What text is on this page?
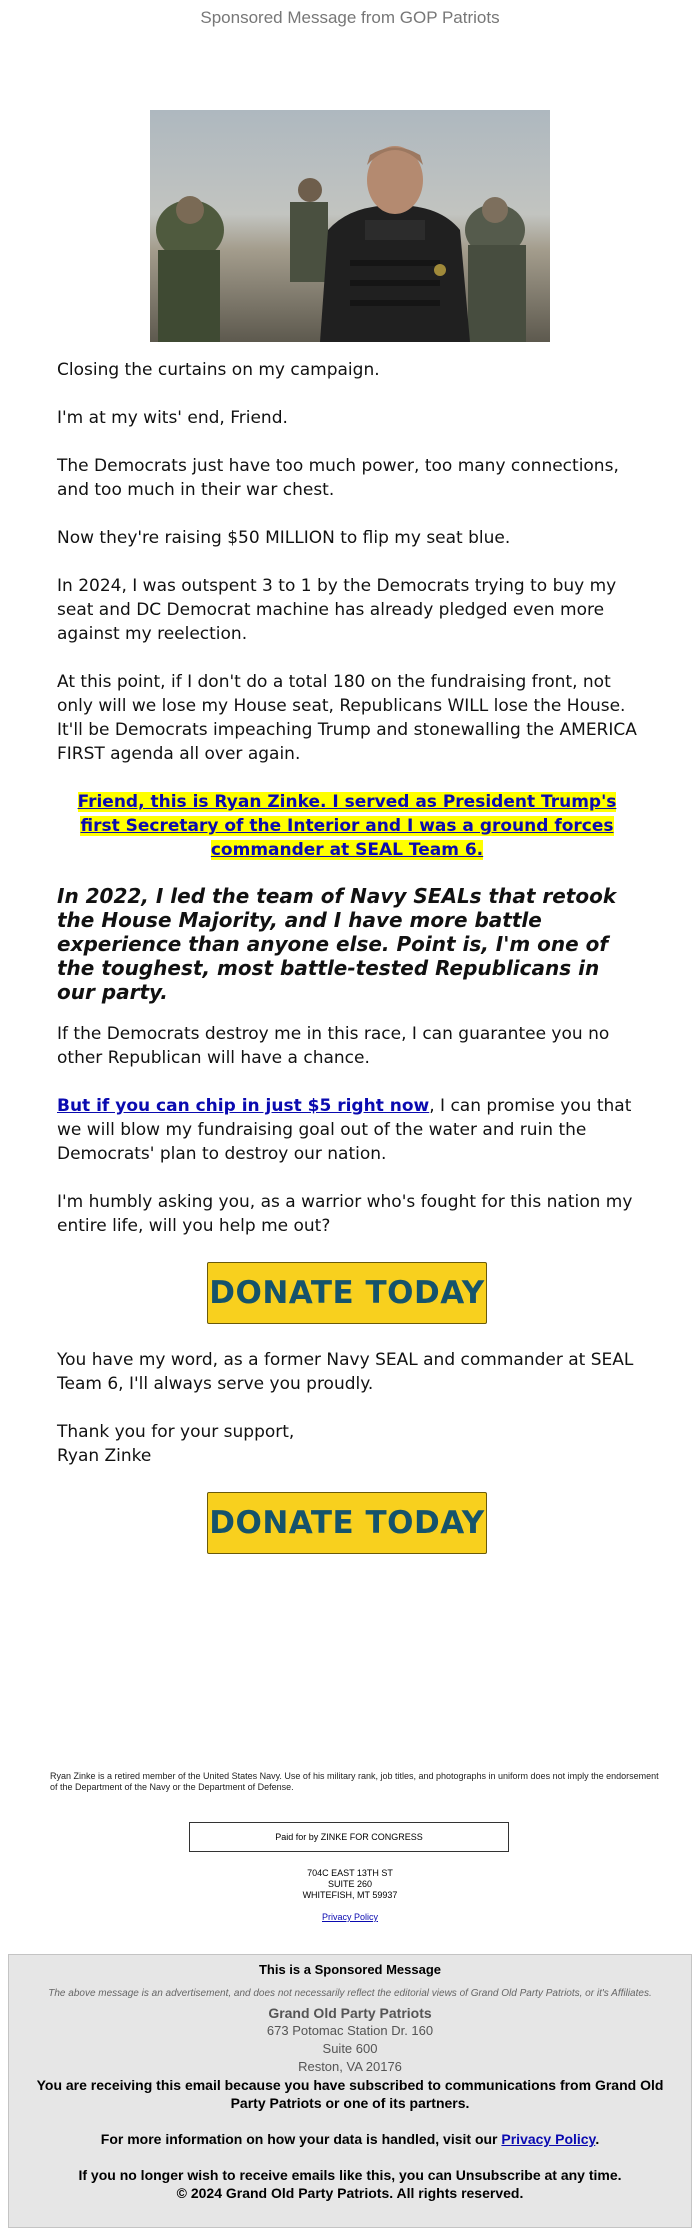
Sponsored Message from GOP Patriots

Closing the curtains on my campaign.

I'm at my wits' end, Friend.

The Democrats just have too much power, too many connections, and too much in their war chest.

Now they're raising $50 MILLION to flip my seat blue.

In 2024, I was outspent 3 to 1 by the Democrats trying to buy my seat and DC Democrat machine has already pledged even more against my reelection.

At this point, if I don't do a total 180 on the fundraising front, not only will we lose my House seat, Republicans WILL lose the House. It'll be Democrats impeaching Trump and stonewalling the AMERICA FIRST agenda all over again.

Friend, this is Ryan Zinke. I served as President Trump's first Secretary of the Interior and I was a ground forces commander at SEAL Team 6.

In 2022, I led the team of Navy SEALs that retook the House Majority, and I have more battle experience than anyone else. Point is, I'm one of the toughest, most battle-tested Republicans in our party.

If the Democrats destroy me in this race, I can guarantee you no other Republican will have a chance.

But if you can chip in just $5 right now, I can promise you that we will blow my fundraising goal out of the water and ruin the Democrats' plan to destroy our nation.

I'm humbly asking you, as a warrior who's fought for this nation my entire life, will you help me out?

DONATE TODAY

You have my word, as a former Navy SEAL and commander at SEAL Team 6, I'll always serve you proudly.

Thank you for your support,
Ryan Zinke

DONATE TODAY
Ryan Zinke is a retired member of the United States Navy. Use of his military rank, job titles, and photographs in uniform does not imply the endorsement of the Department of the Navy or the Department of Defense.
Paid for by ZINKE FOR CONGRESS
704C EAST 13TH ST
SUITE 260
WHITEFISH, MT 59937
Privacy Policy
This is a Sponsored Message
The above message is an advertisement, and does not necessarily reflect the editorial views of Grand Old Party Patriots, or it's Affiliates.
Grand Old Party Patriots
673 Potomac Station Dr. 160
Suite 600
Reston, VA 20176
You are receiving this email because you have subscribed to communications from Grand Old Party Patriots or one of its partners.
For more information on how your data is handled, visit our Privacy Policy.
If you no longer wish to receive emails like this, you can Unsubscribe at any time.
© 2024 Grand Old Party Patriots. All rights reserved.
